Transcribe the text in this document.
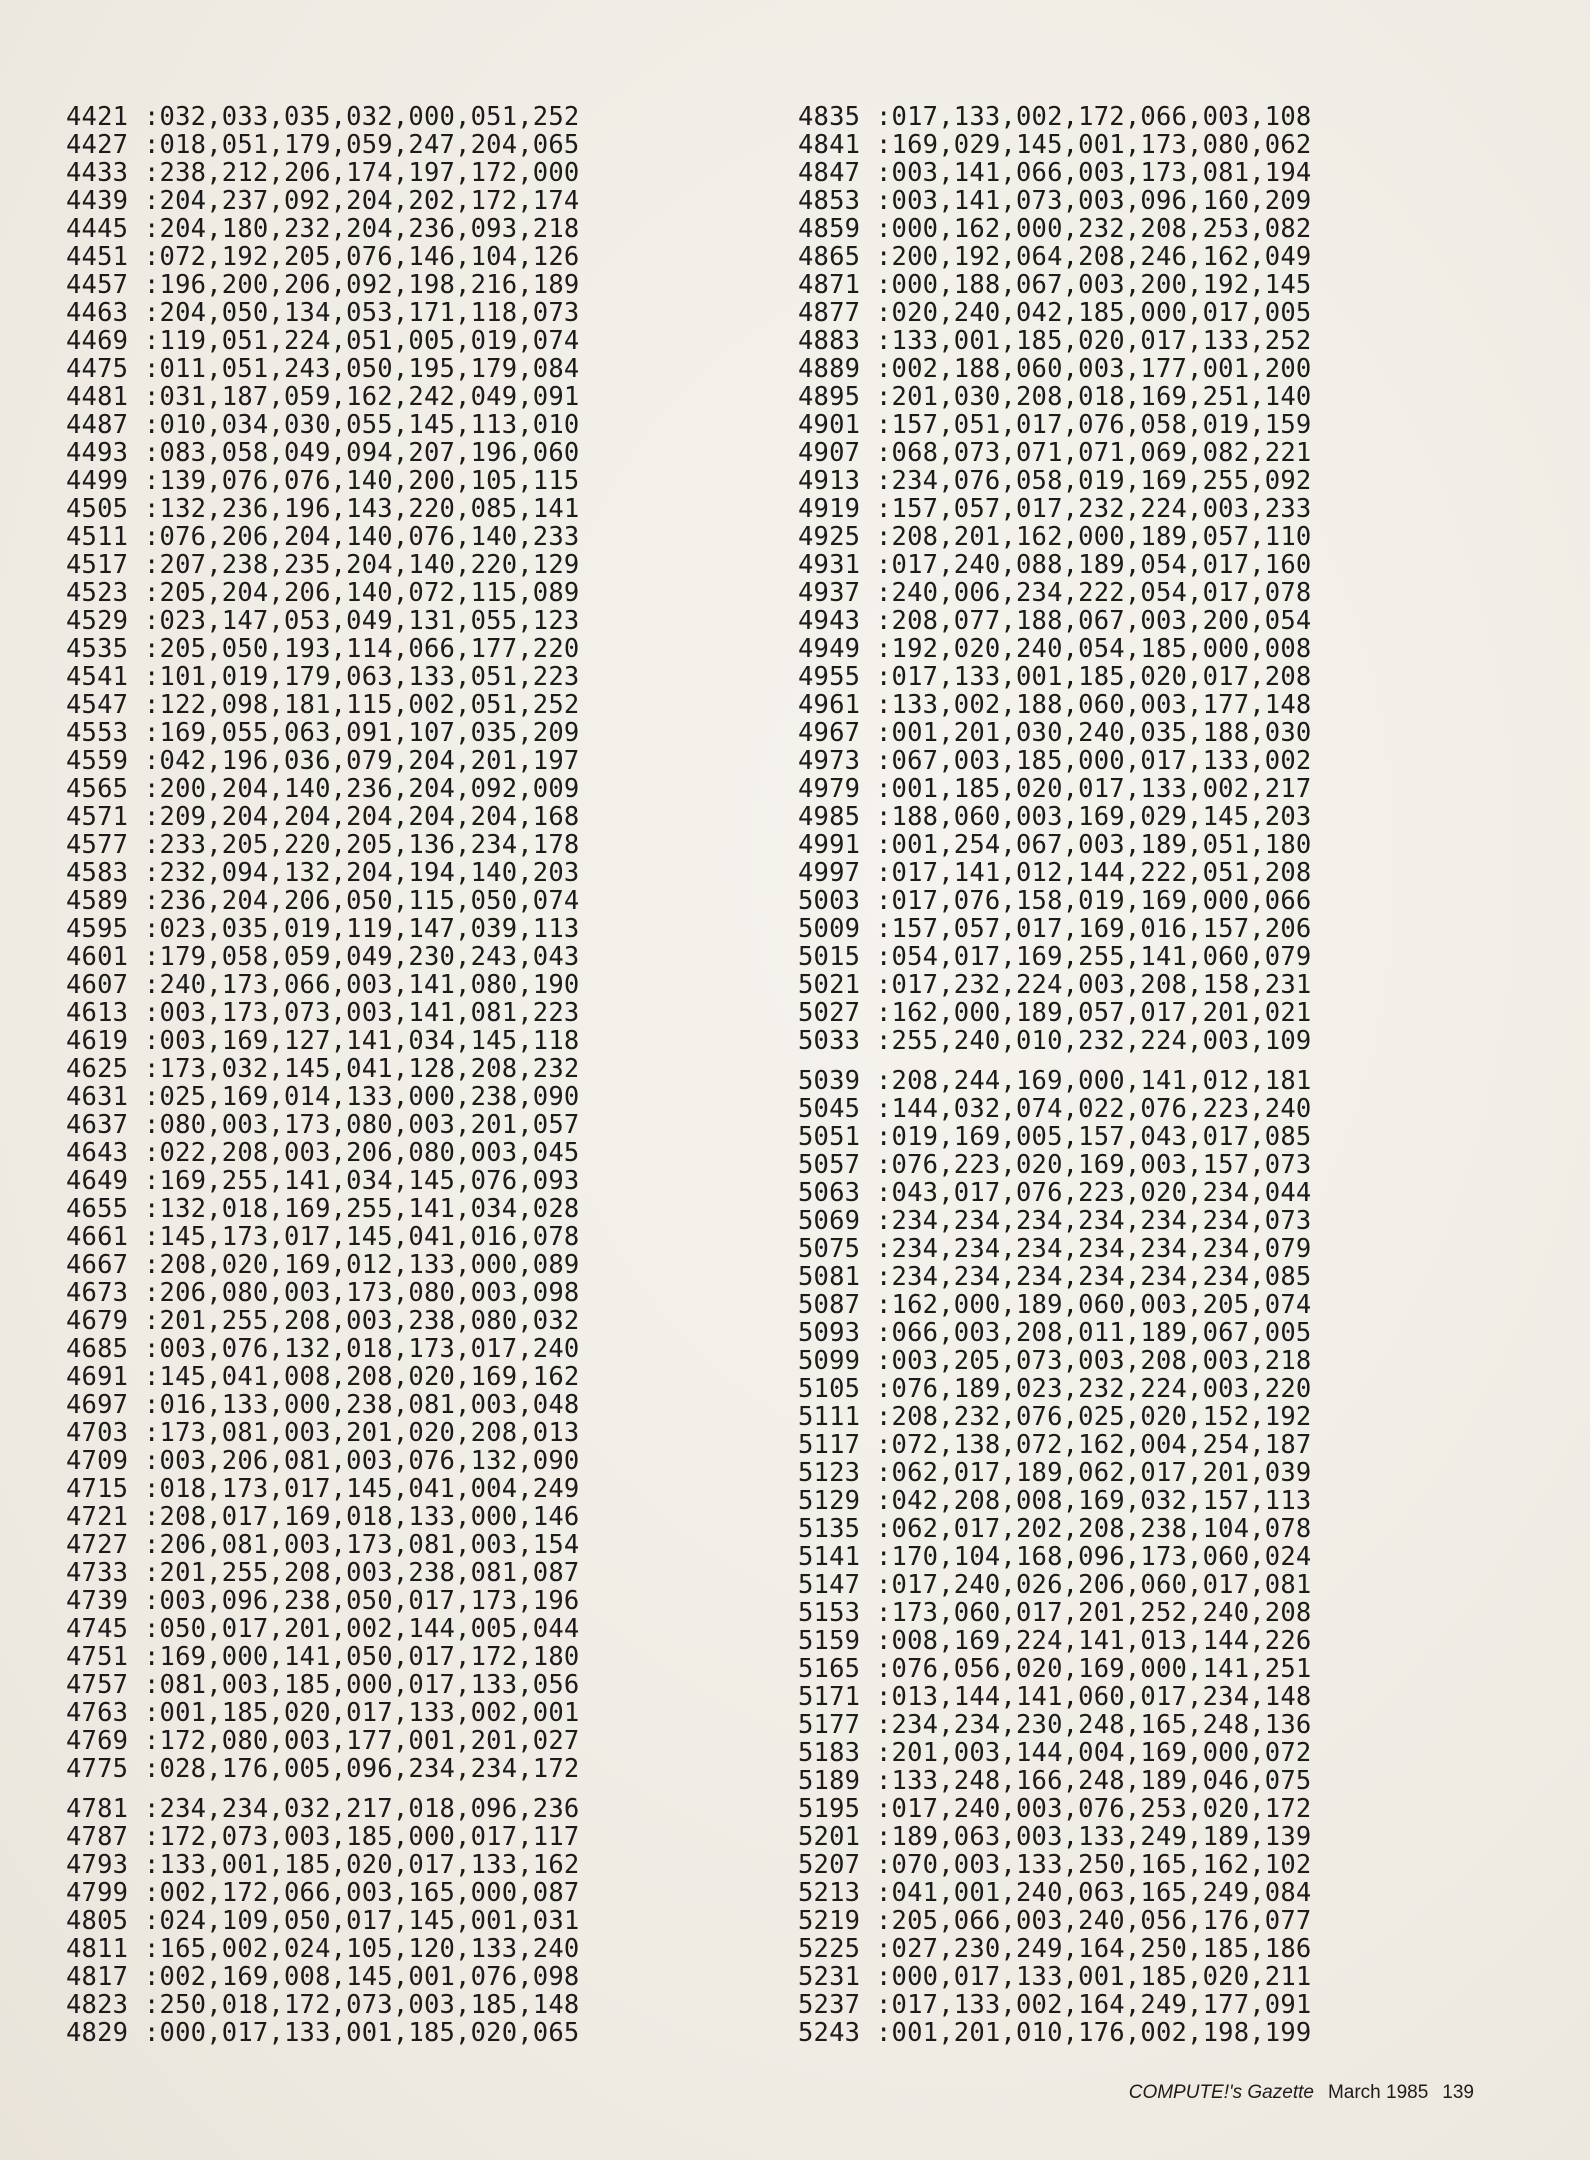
4421 :032,033,035,032,000,051,252
4427 :018,051,179,059,247,204,065
4433 :238,212,206,174,197,172,000
4439 :204,237,092,204,202,172,174
4445 :204,180,232,204,236,093,218
4451 :072,192,205,076,146,104,126
4457 :196,200,206,092,198,216,189
4463 :204,050,134,053,171,118,073
4469 :119,051,224,051,005,019,074
4475 :011,051,243,050,195,179,084
4481 :031,187,059,162,242,049,091
4487 :010,034,030,055,145,113,010
4493 :083,058,049,094,207,196,060
4499 :139,076,076,140,200,105,115
4505 :132,236,196,143,220,085,141
4511 :076,206,204,140,076,140,233
4517 :207,238,235,204,140,220,129
4523 :205,204,206,140,072,115,089
4529 :023,147,053,049,131,055,123
4535 :205,050,193,114,066,177,220
4541 :101,019,179,063,133,051,223
4547 :122,098,181,115,002,051,252
4553 :169,055,063,091,107,035,209
4559 :042,196,036,079,204,201,197
4565 :200,204,140,236,204,092,009
4571 :209,204,204,204,204,204,168
4577 :233,205,220,205,136,234,178
4583 :232,094,132,204,194,140,203
4589 :236,204,206,050,115,050,074
4595 :023,035,019,119,147,039,113
4601 :179,058,059,049,230,243,043
4607 :240,173,066,003,141,080,190
4613 :003,173,073,003,141,081,223
4619 :003,169,127,141,034,145,118
4625 :173,032,145,041,128,208,232
4631 :025,169,014,133,000,238,090
4637 :080,003,173,080,003,201,057
4643 :022,208,003,206,080,003,045
4649 :169,255,141,034,145,076,093
4655 :132,018,169,255,141,034,028
4661 :145,173,017,145,041,016,078
4667 :208,020,169,012,133,000,089
4673 :206,080,003,173,080,003,098
4679 :201,255,208,003,238,080,032
4685 :003,076,132,018,173,017,240
4691 :145,041,008,208,020,169,162
4697 :016,133,000,238,081,003,048
4703 :173,081,003,201,020,208,013
4709 :003,206,081,003,076,132,090
4715 :018,173,017,145,041,004,249
4721 :208,017,169,018,133,000,146
4727 :206,081,003,173,081,003,154
4733 :201,255,208,003,238,081,087
4739 :003,096,238,050,017,173,196
4745 :050,017,201,002,144,005,044
4751 :169,000,141,050,017,172,180
4757 :081,003,185,000,017,133,056
4763 :001,185,020,017,133,002,001
4769 :172,080,003,177,001,201,027
4775 :028,176,005,096,234,234,172
4781 :234,234,032,217,018,096,236
4787 :172,073,003,185,000,017,117
4793 :133,001,185,020,017,133,162
4799 :002,172,066,003,165,000,087
4805 :024,109,050,017,145,001,031
4811 :165,002,024,105,120,133,240
4817 :002,169,008,145,001,076,098
4823 :250,018,172,073,003,185,148
4829 :000,017,133,001,185,020,065
4835 :017,133,002,172,066,003,108
4841 :169,029,145,001,173,080,062
4847 :003,141,066,003,173,081,194
4853 :003,141,073,003,096,160,209
4859 :000,162,000,232,208,253,082
4865 :200,192,064,208,246,162,049
4871 :000,188,067,003,200,192,145
4877 :020,240,042,185,000,017,005
4883 :133,001,185,020,017,133,252
4889 :002,188,060,003,177,001,200
4895 :201,030,208,018,169,251,140
4901 :157,051,017,076,058,019,159
4907 :068,073,071,071,069,082,221
4913 :234,076,058,019,169,255,092
4919 :157,057,017,232,224,003,233
4925 :208,201,162,000,189,057,110
4931 :017,240,088,189,054,017,160
4937 :240,006,234,222,054,017,078
4943 :208,077,188,067,003,200,054
4949 :192,020,240,054,185,000,008
4955 :017,133,001,185,020,017,208
4961 :133,002,188,060,003,177,148
4967 :001,201,030,240,035,188,030
4973 :067,003,185,000,017,133,002
4979 :001,185,020,017,133,002,217
4985 :188,060,003,169,029,145,203
4991 :001,254,067,003,189,051,180
4997 :017,141,012,144,222,051,208
5003 :017,076,158,019,169,000,066
5009 :157,057,017,169,016,157,206
5015 :054,017,169,255,141,060,079
5021 :017,232,224,003,208,158,231
5027 :162,000,189,057,017,201,021
5033 :255,240,010,232,224,003,109
5039 :208,244,169,000,141,012,181
5045 :144,032,074,022,076,223,240
5051 :019,169,005,157,043,017,085
5057 :076,223,020,169,003,157,073
5063 :043,017,076,223,020,234,044
5069 :234,234,234,234,234,234,073
5075 :234,234,234,234,234,234,079
5081 :234,234,234,234,234,234,085
5087 :162,000,189,060,003,205,074
5093 :066,003,208,011,189,067,005
5099 :003,205,073,003,208,003,218
5105 :076,189,023,232,224,003,220
5111 :208,232,076,025,020,152,192
5117 :072,138,072,162,004,254,187
5123 :062,017,189,062,017,201,039
5129 :042,208,008,169,032,157,113
5135 :062,017,202,208,238,104,078
5141 :170,104,168,096,173,060,024
5147 :017,240,026,206,060,017,081
5153 :173,060,017,201,252,240,208
5159 :008,169,224,141,013,144,226
5165 :076,056,020,169,000,141,251
5171 :013,144,141,060,017,234,148
5177 :234,234,230,248,165,248,136
5183 :201,003,144,004,169,000,072
5189 :133,248,166,248,189,046,075
5195 :017,240,003,076,253,020,172
5201 :189,063,003,133,249,189,139
5207 :070,003,133,250,165,162,102
5213 :041,001,240,063,165,249,084
5219 :205,066,003,240,056,176,077
5225 :027,230,249,164,250,185,186
5231 :000,017,133,001,185,020,211
5237 :017,133,002,164,249,177,091
5243 :001,201,010,176,002,198,199
COMPUTE!'s Gazette March 1985 139
